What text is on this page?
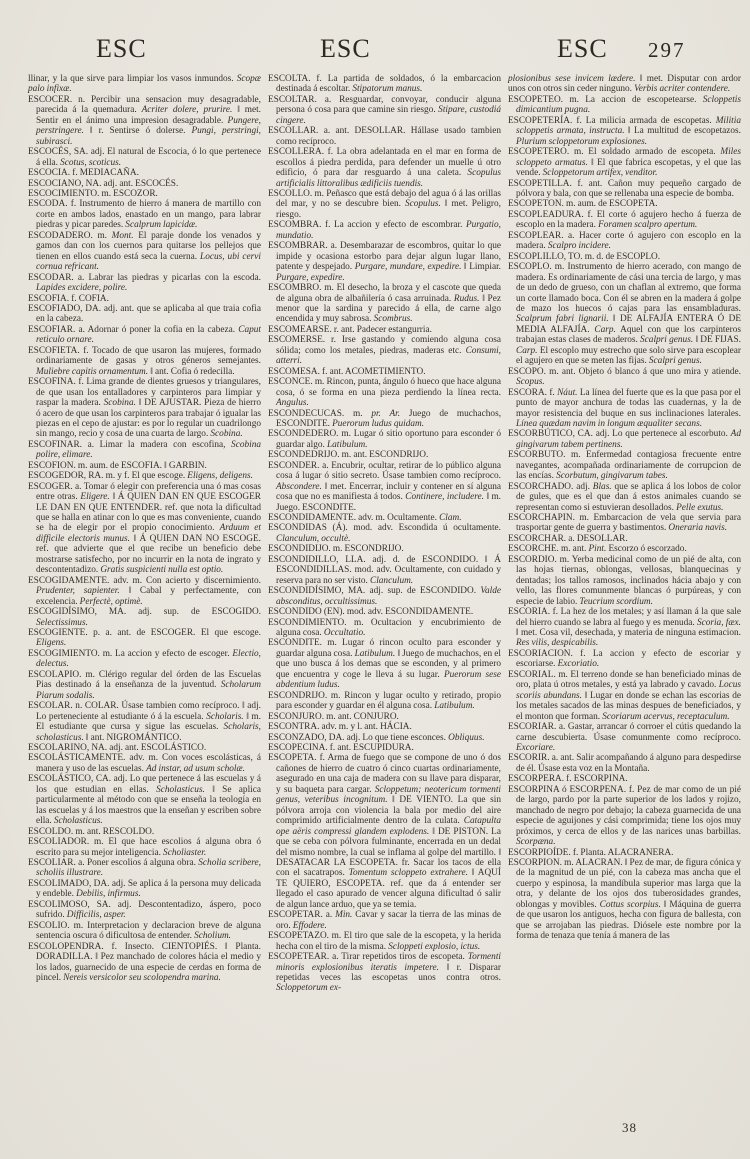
ESC	ESC	ESC 297

llinar, y la que sirve para limpiar los vasos inmundos. Scopæ palo infixæ.

ESCOCER. n. Percibir una sensacion muy desagradable, parecida á la quemadura. Acriter dolere, prurire. ‖ met. Sentir en el ánimo una impresion desagradable. Pungere, perstringere. ‖ r. Sentirse ó dolerse. Pungi, perstringi, subirasci.

ESCOCÉS, SA. adj. El natural de Escocia, ó lo que pertenece á ella. Scotus, scoticus.

ESCOCIA. f. MEDIACAÑA.

ESCOCIANO, NA. adj. ant. ESCOCÉS.

ESCOCIMIENTO. m. ESCOZOR.

ESCODA. f. Instrumento de hierro á manera de martillo con corte en ambos lados, enastado en un mango, para labrar piedras y picar paredes. Scalprum lapicidæ.

ESCODADERO. m. Mont. El paraje donde los venados y gamos dan con los cuernos para quitarse los pellejos que tienen en ellos cuando está seca la cuerna. Locus, ubi cervi cornua refricant.

ESCODAR. a. Labrar las piedras y picarlas con la escoda. Lapides excidere, polire.

ESCOFIA. f. COFIA.

ESCOFIADO, DA. adj. ant. que se aplicaba al que traia cofia en la cabeza.

ESCOFIAR. a. Adornar ó poner la cofia en la cabeza. Caput reticulo ornare.

ESCOFIETA. f. Tocado de que usaron las mujeres, formado ordinariamente de gasas y otros géneros semejantes. Muliebre capitis ornamentum. ‖ ant. Cofia ó redecilla.

ESCOFINA. f. Lima grande de dientes gruesos y triangulares, de que usan los entalladores y carpinteros para limpiar y raspar la madera. Scobina. ‖ DE AJUSTAR. Pieza de hierro ó acero de que usan los carpinteros para trabajar ó igualar las piezas en el cepo de ajustar: es por lo regular un cuadrilongo sin mango, recio y cosa de una cuarta de largo. Scobina.

ESCOFINAR. a. Limar la madera con escofina, Scobina polire, elimare.

ESCOFION. m. aum. de ESCOFIA. ‖ GARBIN.

ESCOGEDOR, RA. m. y f. El que escoge. Eligens, deligens.

ESCOGER. a. Tomar ó elegir con preferencia una ó mas cosas entre otras. Eligere. ‖ Á QUIEN DAN EN QUE ESCOGER LE DAN EN QUE ENTENDER. ref. que nota la dificultad que se halla en atinar con lo que es mas conveniente, cuando se ha de elegir por el propio conocimiento. Arduum et difficile electoris munus. ‖ Á QUIEN DAN NO ESCOGE. ref. que advierte que el que recibe un beneficio debe mostrarse satisfecho, por no incurrir en la nota de ingrato y descontentadizo. Gratis suspicienti nulla est optio.

ESCOGIDAMENTE. adv. m. Con acierto y discernimiento. Prudenter, sapienter. ‖ Cabal y perfectamente, con excelencia. Perfectè, optimè.

ESCOGIDÍSIMO, MA. adj. sup. de ESCOGIDO. Selectissimus.

ESCOGIENTE. p. a. ant. de ESCOGER. El que escoge. Eligens.

ESCOGIMIENTO. m. La accion y efecto de escoger. Electio, delectus.

ESCOLAPIO. m. Clérigo regular del órden de las Escuelas Pias destinado á la enseñanza de la juventud. Scholarum Piarum sodalis.

ESCOLAR. n. COLAR. Úsase tambien como recíproco. ‖ adj. Lo perteneciente al estudiante ó á la escuela. Scholaris. ‖ m. El estudiante que cursa y sigue las escuelas. Scholaris, scholasticus. ‖ ant. NIGROMÁNTICO.

ESCOLARINO, NA. adj. ant. ESCOLÁSTICO.

ESCOLÁSTICAMENTE. adv. m. Con voces escolásticas, á manera y uso de las escuelas. Ad instar, ad usum scholæ.

ESCOLÁSTICO, CA. adj. Lo que pertenece á las escuelas y á los que estudian en ellas. Scholasticus. ‖ Se aplica particularmente al método con que se enseña la teología en las escuelas y á los maestros que la enseñan y escriben sobre ella. Scholasticus.

ESCOLDO. m. ant. RESCOLDO.

ESCOLIADOR. m. El que hace escolios á alguna obra ó escrito para su mejor inteligencia. Scholiaster.

ESCOLIAR. a. Poner escolios á alguna obra. Scholia scribere, scholiis illustrare.

ESCOLIMADO, DA. adj. Se aplica á la persona muy delicada y endeble. Debilis, infirmus.

ESCOLIMOSO, SA. adj. Descontentadizo, áspero, poco sufrido. Difficilis, asper.

ESCOLIO. m. Interpretacion y declaracion breve de alguna sentencia oscura ó dificultosa de entender. Scholium.

ESCOLOPENDRA. f. Insecto. CIENTOPIÉS. ‖ Planta. DORADILLA. ‖ Pez manchado de colores hácia el medio y los lados, guarnecido de una especie de cerdas en forma de pincel. Nereis versicolor seu scolopendra marina.

ESCOLTA. f. La partida de soldados, ó la embarcacion destinada á escoltar. Stipatorum manus.

ESCOLTAR. a. Resguardar, convoyar, conducir alguna persona ó cosa para que camine sin riesgo. Stipare, custodiá cingere.

ESCOLLAR. a. ant. DESOLLAR. Hállase usado tambien como recíproco.

ESCOLLERA. f. La obra adelantada en el mar en forma de escollos á piedra perdida, para defender un muelle ú otro edificio, ó para dar resguardo á una caleta. Scopulus artificialis littoralibus ædificiis tuendis.

ESCOLLO. m. Peñasco que está debajo del agua ó á las orillas del mar, y no se descubre bien. Scopulus. ‖ met. Peligro, riesgo.

ESCOMBRA. f. La accion y efecto de escombrar. Purgatio, mundatio.

ESCOMBRAR. a. Desembarazar de escombros, quitar lo que impide y ocasiona estorbo para dejar algun lugar llano, patente y despejado. Purgare, mundare, expedire. ‖ Limpiar. Purgare, expedire.

ESCOMBRO. m. El desecho, la broza y el cascote que queda de alguna obra de albañilería ó casa arruinada. Rudus. ‖ Pez menor que la sardina y parecido á ella, de carne algo encendida y muy sabrosa. Scombrus.

ESCOMEARSE. r. ant. Padecer estangurria.

ESCOMERSE. r. Irse gastando y comiendo alguna cosa sólida; como los metales, piedras, maderas etc. Consumi, atterri.

ESCOMESA. f. ant. ACOMETIMIENTO.

ESCONCE. m. Rincon, punta, ángulo ó hueco que hace alguna cosa, ó se forma en una pieza perdiendo la línea recta. Angulus.

ESCONDECUCAS. m. pr. Ar. Juego de muchachos, ESCONDITE. Puerorum ludus quidam.

ESCONDEDERO. m. Lugar ó sitio oportuno para esconder ó guardar algo. Latibulum.

ESCONDEDRIJO. m. ant. ESCONDRIJO.

ESCONDER. a. Encubrir, ocultar, retirar de lo público alguna cosa á lugar ó sitio secreto. Úsase tambien como recíproco. Abscondere. ‖ met. Encerrar, incluir y contener en sí alguna cosa que no es manifiesta á todos. Continere, includere. ‖ m. Juego. ESCONDITE.

ESCONDIDAMENTE. adv. m. Ocultamente. Clam.

ESCONDIDAS (Á). mod. adv. Escondida ú ocultamente. Clanculum, occultè.

ESCONDIDIJO. m. ESCONDRIJO.

ESCONDIDILLO, LLA. adj. d. de ESCONDIDO. ‖ Á ESCONDIDILLAS. mod. adv. Ocultamente, con cuidado y reserva para no ser visto. Clanculum.

ESCONDIDÍSIMO, MA. adj. sup. de ESCONDIDO. Valde absconditus, occultissimus.

ESCONDIDO (EN). mod. adv. ESCONDIDAMENTE.

ESCONDIMIENTO. m. Ocultacion y encubrimiento de alguna cosa. Occultatio.

ESCONDITE. m. Lugar ó rincon oculto para esconder y guardar alguna cosa. Latibulum. ‖ Juego de muchachos, en el que uno busca á los demas que se esconden, y al primero que encuentra y coge le lleva á su lugar. Puerorum sese abdentium ludus.

ESCONDRIJO. m. Rincon y lugar oculto y retirado, propio para esconder y guardar en él alguna cosa. Latibulum.

ESCONJURO. m. ant. CONJURO.

ESCONTRA. adv. m. y l. ant. HÁCIA.

ESCONZADO, DA. adj. Lo que tiene esconces. Obliquus.

ESCOPECINA. f. ant. ESCUPIDURA.

ESCOPETA. f. Arma de fuego que se compone de uno ó dos cañones de hierro de cuatro ó cinco cuartas ordinariamente, asegurado en una caja de madera con su llave para disparar, y su baqueta para cargar. Scloppetum; neotericum tormenti genus, veteribus incognitum. ‖ DE VIENTO. La que sin pólvora arroja con violencia la bala por medio del aire comprimido artificialmente dentro de la culata. Catapulta ope aëris compressi glandem explodens. ‖ DE PISTON. La que se ceba con pólvora fulminante, encerrada en un dedal del mismo nombre, la cual se inflama al golpe del martillo. ‖ DESATACAR LA ESCOPETA. fr. Sacar los tacos de ella con el sacatrapos. Tomentum scloppeto extrahere. ‖ AQUÍ TE QUIERO, ESCOPETA. ref. que da á entender ser llegado el caso apurado de vencer alguna dificultad ó salir de algun lance arduo, que ya se temia.

ESCOPETAR. a. Min. Cavar y sacar la tierra de las minas de oro. Effodere.

ESCOPETAZO. m. El tiro que sale de la escopeta, y la herida hecha con el tiro de la misma. Scloppeti explosio, ictus.

ESCOPETEAR. a. Tirar repetidos tiros de escopeta. Tormenti minoris explosionibus iteratis impetere. ‖ r. Disparar repetidas veces las escopetas unos contra otros. Scloppetorum ex-

plosionibus sese invicem lædere. ‖ met. Disputar con ardor unos con otros sin ceder ninguno. Verbis acriter contendere.

ESCOPETEO. m. La accion de escopetearse. Scloppetis dimicantium pugna.

ESCOPETERÍA. f. La milicia armada de escopetas. Militia scloppetis armata, instructa. ‖ La multitud de escopetazos. Plurium scloppetorum explosiones.

ESCOPETERO. m. El soldado armado de escopeta. Miles scloppeto armatus. ‖ El que fabrica escopetas, y el que las vende. Scloppetorum artifex, venditor.

ESCOPETILLA. f. ant. Cañon muy pequeño cargado de pólvora y bala, con que se rellenaba una especie de bomba.

ESCOPETON. m. aum. de ESCOPETA.

ESCOPLEADURA. f. El corte ó agujero hecho á fuerza de escoplo en la madera. Foramen scalpro apertum.

ESCOPLEAR. a. Hacer corte ó agujero con escoplo en la madera. Scalpro incidere.

ESCOPLILLO, TO. m. d. de ESCOPLO.

ESCOPLO. m. Instrumento de hierro acerado, con mango de madera. Es ordinariamente de cási una tercia de largo, y mas de un dedo de grueso, con un chaflan al extremo, que forma un corte llamado boca. Con él se abren en la madera á golpe de mazo los huecos ó cajas para las ensambladuras. Scalprum fabri lignarii. ‖ DE ALFAJÍA ENTERA Ó DE MEDIA ALFAJÍA. Carp. Aquel con que los carpinteros trabajan estas clases de maderos. Scalpri genus. ‖ DE FIJAS. Carp. El escoplo muy estrecho que solo sirve para escoplear el agujero en que se meten las fijas. Scalpri genus.

ESCOPO. m. ant. Objeto ó blanco á que uno mira y atiende. Scopus.

ESCORA. f. Náut. La línea del fuerte que es la que pasa por el punto de mayor anchura de todas las cuadernas, y la de mayor resistencia del buque en sus inclinaciones laterales. Línea quædam navim in longum æqualiter secans.

ESCORBÚTICO, CA. adj. Lo que pertenece al escorbuto. Ad gingivarum tabem pertinens.

ESCORBUTO. m. Enfermedad contagiosa frecuente entre navegantes, acompañada ordinariamente de corrupcion de las encías. Scorbutum, gingivarum tabes.

ESCORCHADO. adj. Blas. que se aplica á los lobos de color de gules, que es el que dan á estos animales cuando se representan como si estuvieran desollados. Pelle exutus.

ESCORCHAPIN. m. Embarcacion de vela que servia para trasportar gente de guerra y bastimentos. Oneraria navis.

ESCORCHAR. a. DESOLLAR.

ESCORCHE. m. ant. Pint. Escorzo ó escorzado.

ESCORDIO. m. Yerba medicinal como de un pié de alta, con las hojas tiernas, oblongas, vellosas, blanquecinas y dentadas; los tallos ramosos, inclinados hácia abajo y con vello, las flores comunmente blancas ó purpúreas, y con especie de labio. Teucrium scordium.

ESCORIA. f. La hez de los metales; y así llaman á la que sale del hierro cuando se labra al fuego y es menuda. Scoria, fæx. ‖ met. Cosa vil, desechada, y materia de ninguna estimacion. Res vilis, despicabilis.

ESCORIACION. f. La accion y efecto de escoriar y escoriarse. Excoriatio.

ESCORIAL. m. El terreno donde se han beneficiado minas de oro, plata ú otros metales, y está ya labrado y cavado. Locus scoriis abundans. ‖ Lugar en donde se echan las escorias de los metales sacados de las minas despues de beneficiados, y el monton que forman. Scoriarum acervus, receptaculum.

ESCORIAR. a. Gastar, arrancar ó corroer el cútis quedando la carne descubierta. Úsase comunmente como recíproco. Excoriare.

ESCORIR. a. ant. Salir acompañando á alguno para despedirse de él. Úsase esta voz en la Montaña.

ESCORPERA. f. ESCORPINA.

ESCORPINA ó ESCORPENA. f. Pez de mar como de un pié de largo, pardo por la parte superior de los lados y rojizo, manchado de negro por debajo; la cabeza guarnecida de una especie de aguijones y cási comprimida; tiene los ojos muy próximos, y cerca de ellos y de las narices unas barbillas. Scorpæna.

ESCORPIOÍDE. f. Planta. ALACRANERA.

ESCORPION. m. ALACRAN. ‖ Pez de mar, de figura cónica y de la magnitud de un pié, con la cabeza mas ancha que el cuerpo y espinosa, la mandíbula superior mas larga que la otra, y delante de los ojos dos tuberosidades grandes, oblongas y movibles. Cottus scorpius. ‖ Máquina de guerra de que usaron los antiguos, hecha con figura de ballesta, con que se arrojaban las piedras. Diósele este nombre por la forma de tenaza que tenía á manera de las

38
